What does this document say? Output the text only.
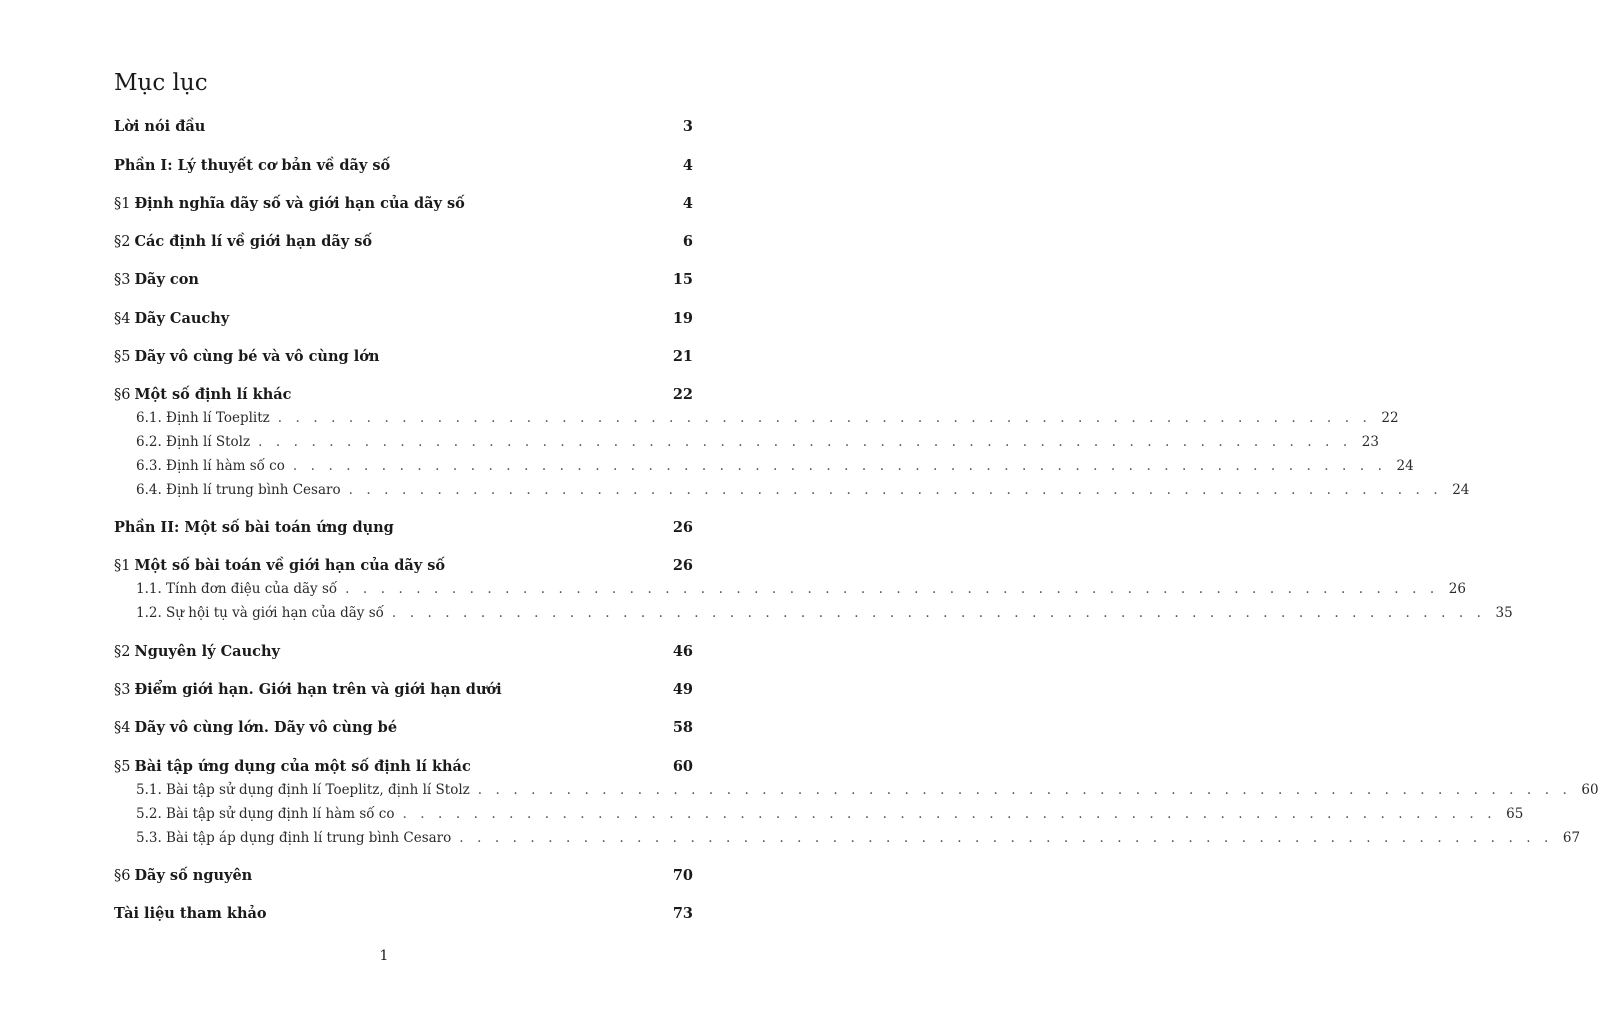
Mục lục
Lời nói đầu	3
Phần I: Lý thuyết cơ bản về dãy số	4
§1 Định nghĩa dãy số và giới hạn của dãy số	4
§2 Các định lí về giới hạn dãy số	6
§3 Dãy con	15
§4 Dãy Cauchy	19
§5 Dãy vô cùng bé và vô cùng lớn	21
§6 Một số định lí khác	22
6.1. Định lí Toeplitz . . . . . . . . . . . . . . . . . . . . . . . . . . . . . . . . . . . . . . . . . . . . . . . . . . . . . . . . . . . . . . 22
6.2. Định lí Stolz . . . . . . . . . . . . . . . . . . . . . . . . . . . . . . . . . . . . . . . . . . . . . . . . . . . . . . . . . . . . . . 23
6.3. Định lí hàm số co . . . . . . . . . . . . . . . . . . . . . . . . . . . . . . . . . . . . . . . . . . . . . . . . . . . . . . . . . . . . . . 24
6.4. Định lí trung bình Cesaro . . . . . . . . . . . . . . . . . . . . . . . . . . . . . . . . . . . . . . . . . . . . . . . . . . . . . . . . . . . . . . 24
Phần II: Một số bài toán ứng dụng	26
§1 Một số bài toán về giới hạn của dãy số	26
1.1. Tính đơn điệu của dãy số . . . . . . . . . . . . . . . . . . . . . . . . . . . . . . . . . . . . . . . . . . . . . . . . . . . . . . . . . . . . . . 26
1.2. Sự hội tụ và giới hạn của dãy số . . . . . . . . . . . . . . . . . . . . . . . . . . . . . . . . . . . . . . . . . . . . . . . . . . . . . . . . . . . . . . 35
§2 Nguyên lý Cauchy	46
§3 Điểm giới hạn. Giới hạn trên và giới hạn dưới	49
§4 Dãy vô cùng lớn. Dãy vô cùng bé	58
§5 Bài tập ứng dụng của một số định lí khác	60
5.1. Bài tập sử dụng định lí Toeplitz, định lí Stolz . . . . . . . . . . . . . . . . . . . . . . . . . . . . . . . . . . . . . . . . . . . . . . . . . . . . . . . . . . . . . . 60
5.2. Bài tập sử dụng định lí hàm số co . . . . . . . . . . . . . . . . . . . . . . . . . . . . . . . . . . . . . . . . . . . . . . . . . . . . . . . . . . . . . . 65
5.3. Bài tập áp dụng định lí trung bình Cesaro . . . . . . . . . . . . . . . . . . . . . . . . . . . . . . . . . . . . . . . . . . . . . . . . . . . . . . . . . . . . . . 67
§6 Dãy số nguyên	70
Tài liệu tham khảo	73
1
